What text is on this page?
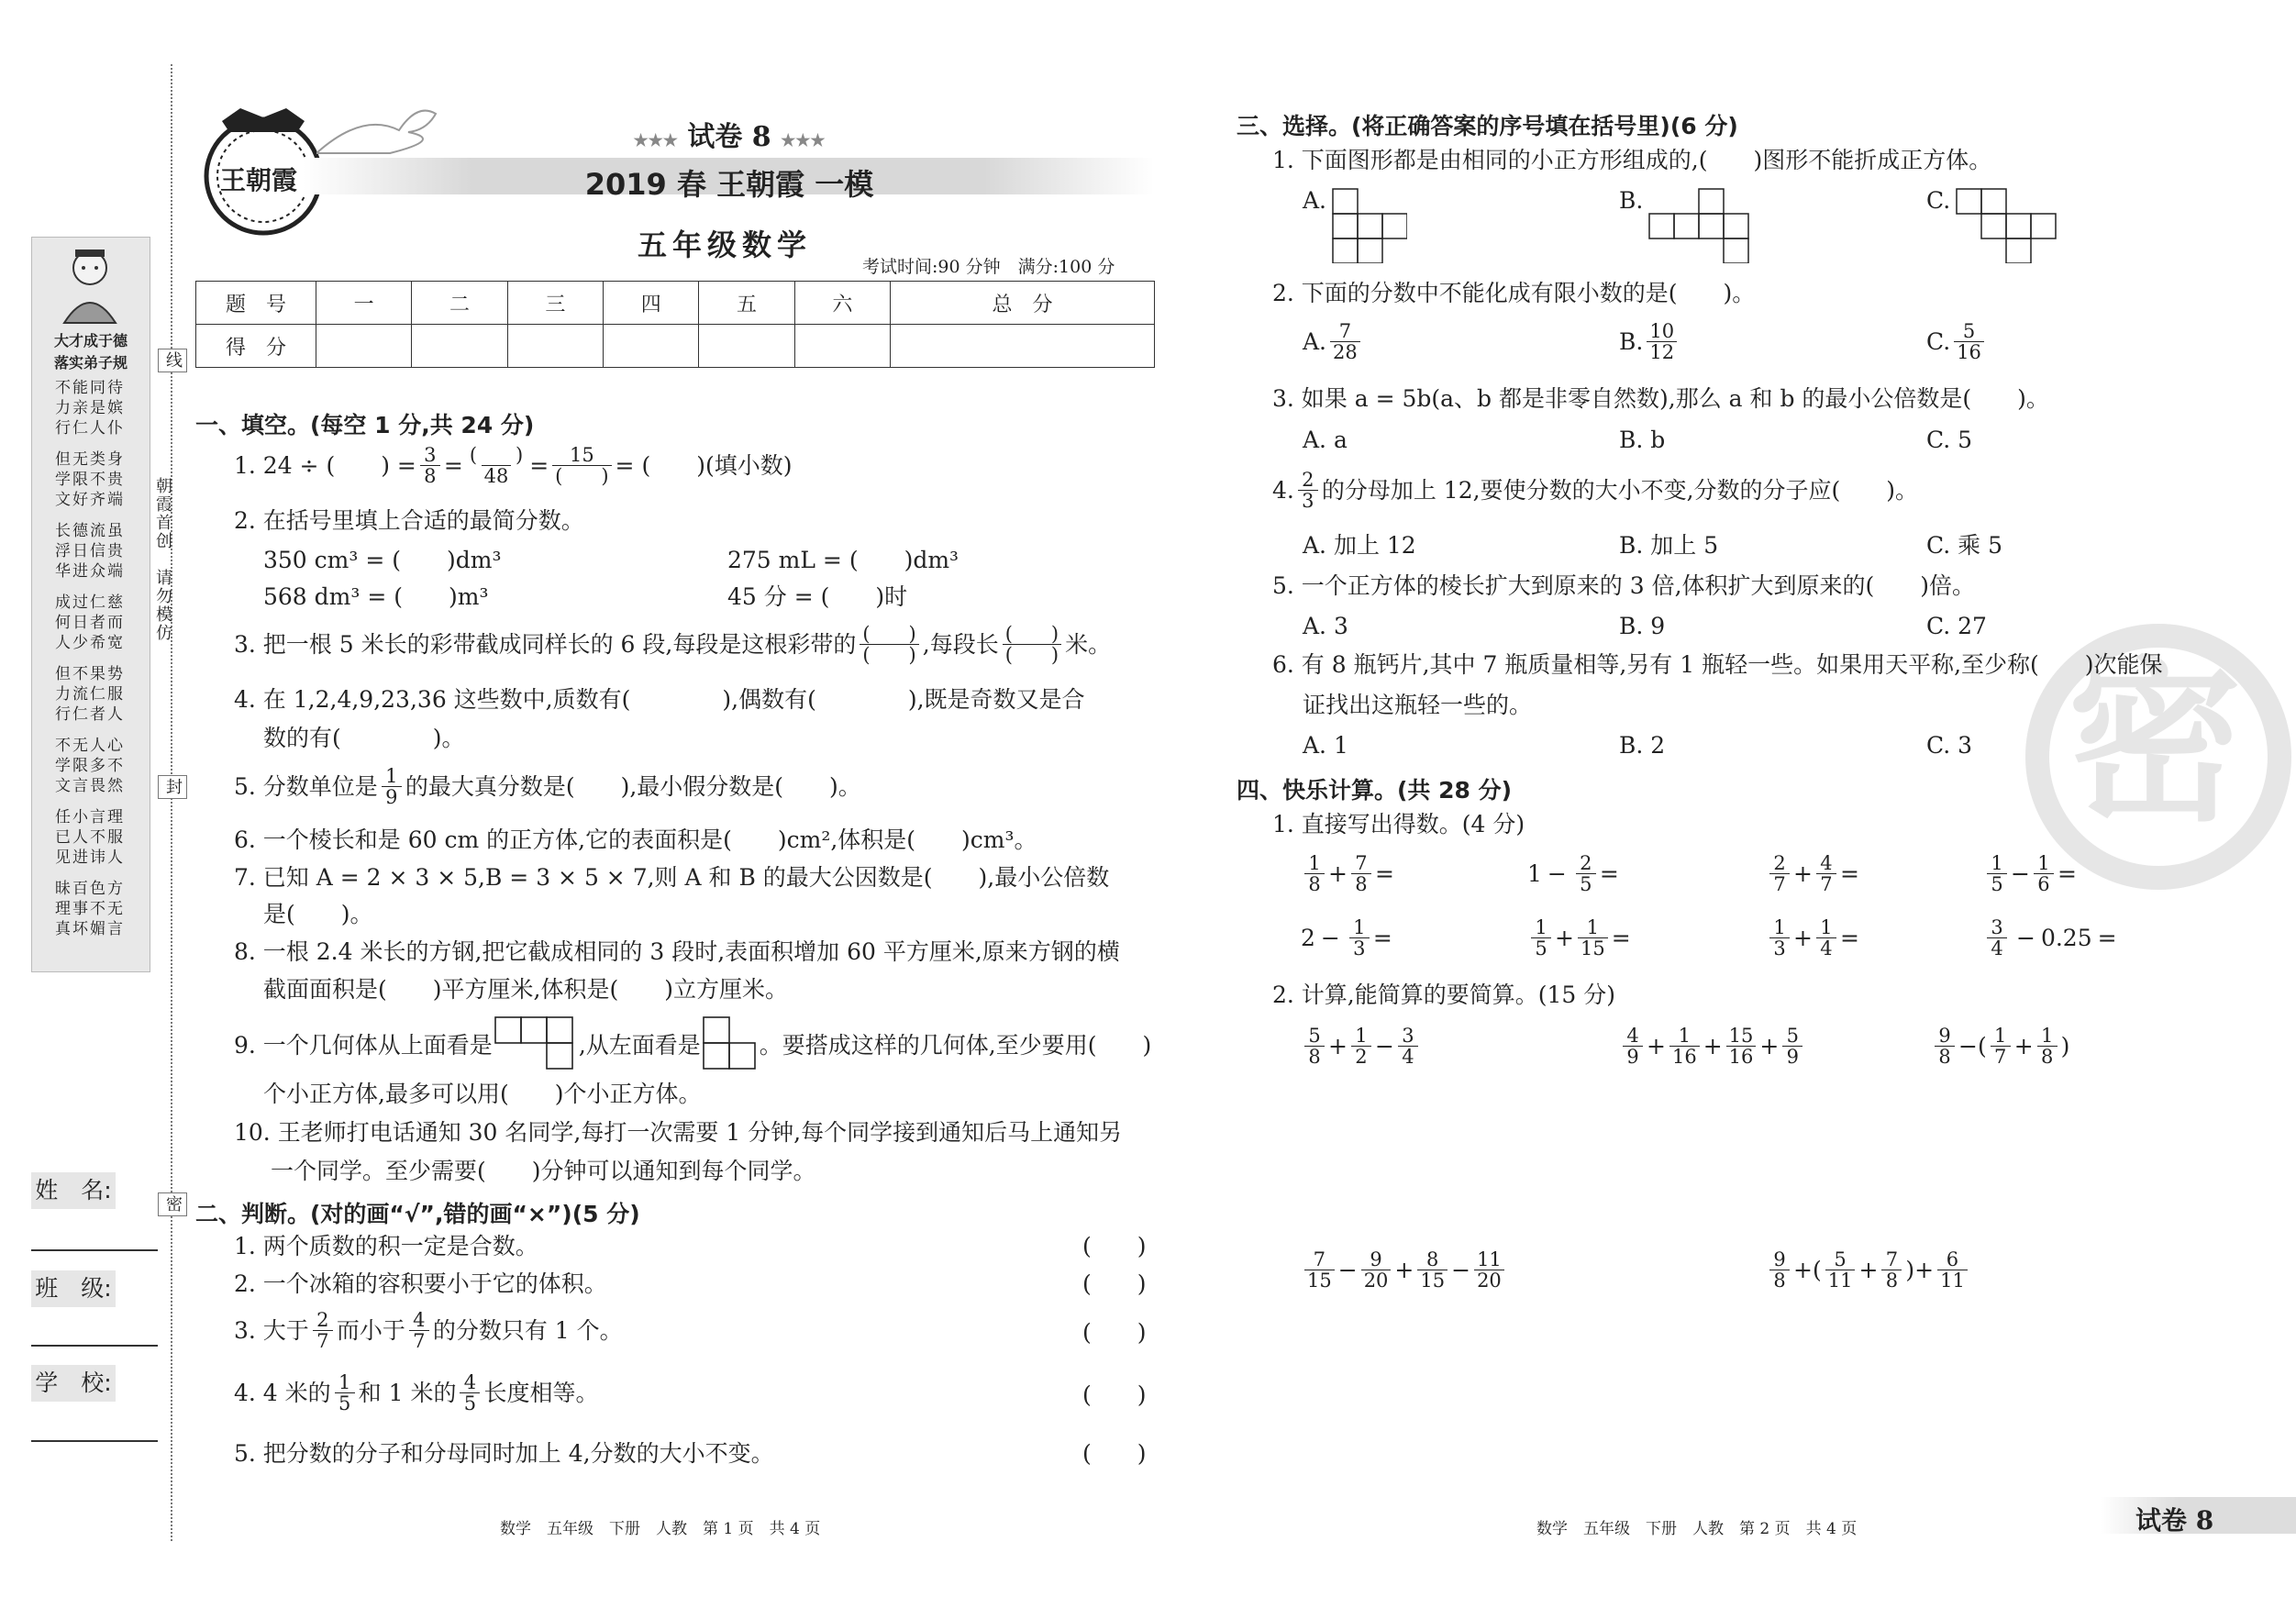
大才成于德
落实弟子规
不能同待
力亲是嫔
行仁人仆
但无类身
学限不贵
文好齐端
长德流虽
浮日信贵
华进众端
成过仁慈
何日者而
人少希宽
但不果势
力流仁服
行仁者人
不无人心
学限多不
文言畏然
任小言理
已人不服
见进讳人
昧百色方
理事不无
真坏媚言
线
朝霞首创
请勿模仿
封
密
姓　名:
班　级:
学　校:
王朝霞
★★★ 试卷 8 ★★★
2019 春 王朝霞 一模
五年级数学
考试时间:90 分钟　满分:100 分
题　号	一	二	三	四	五	六	总　分
得　分							
一、填空。(每空 1 分,共 24 分)
1. 24 ÷ (　　) = $\frac{3}{8} = \frac{( )}{48} = \frac{15}{( )}$ = (　　)(填小数)
2. 在括号里填上合适的最简分数。
350 cm³ = (　　)dm³	275 mL = (　　)dm³
568 dm³ = (　　)m³	45 分 = (　　)时
3. 把一根 5 米长的彩带截成同样长的 6 段,每段是这根彩带的 $\frac{( )}{( )}$ ,每段长 $\frac{( )}{( )}$ 米。
4. 在 1,2,4,9,23,36 这些数中,质数有(　　　　),偶数有(　　　　),既是奇数又是合
数的有(　　　　)。
5. 分数单位是 $\frac{1}{9}$ 的最大真分数是(　　),最小假分数是(　　)。
6. 一个棱长和是 60 cm 的正方体,它的表面积是(　　)cm²,体积是(　　)cm³。
7. 已知 A = 2 × 3 × 5,B = 3 × 5 × 7,则 A 和 B 的最大公因数是(　　),最小公倍数
是(　　)。
8. 一根 2.4 米长的方钢,把它截成相同的 3 段时,表面积增加 60 平方厘米,原来方钢的横
截面面积是(　　)平方厘米,体积是(　　)立方厘米。
9. 一个几何体从上面看是	,从左面看是	。要搭成这样的几何体,至少要用(　　)
个小正方体,最多可以用(　　)个小正方体。
10. 王老师打电话通知 30 名同学,每打一次需要 1 分钟,每个同学接到通知后马上通知另
一个同学。至少需要(　　)分钟可以通知到每个同学。
二、判断。(对的画“√”,错的画“×”)(5 分)
1. 两个质数的积一定是合数。	(　　)
2. 一个冰箱的容积要小于它的体积。	(　　)
3. 大于 $\frac{2}{7}$ 而小于 $\frac{4}{7}$ 的分数只有 1 个。	(　　)
4. 4 米的 $\frac{1}{5}$ 和 1 米的 $\frac{4}{5}$ 长度相等。	(　　)
5. 把分数的分子和分母同时加上 4,分数的大小不变。	(　　)
数学　五年级　下册　人教　第 1 页　共 4 页
密
三、选择。(将正确答案的序号填在括号里)(6 分)
1. 下面图形都是由相同的小正方形组成的,(　　)图形不能折成正方体。
A.	B.	C.
2. 下面的分数中不能化成有限小数的是(　　)。
A. $\frac{7}{28}$	B. $\frac{10}{12}$	C. $\frac{5}{16}$
3. 如果 a = 5b(a、b 都是非零自然数),那么 a 和 b 的最小公倍数是(　　)。
A. a	B. b	C. 5
4. $\frac{2}{3}$ 的分母加上 12,要使分数的大小不变,分数的分子应(　　)。
A. 加上 12	B. 加上 5	C. 乘 5
5. 一个正方体的棱长扩大到原来的 3 倍,体积扩大到原来的(　　)倍。
A. 3	B. 9	C. 27
6. 有 8 瓶钙片,其中 7 瓶质量相等,另有 1 瓶轻一些。如果用天平称,至少称(　　)次能保
证找出这瓶轻一些的。
A. 1	B. 2	C. 3
四、快乐计算。(共 28 分)
1. 直接写出得数。(4 分)
$\frac{1}{8} + \frac{7}{8}$ =	$1 - \frac{2}{5}$ =	$\frac{2}{7} + \frac{4}{7}$ =	$\frac{1}{5} - \frac{1}{6}$ =
$2 - \frac{1}{3}$ =	$\frac{1}{5} + \frac{1}{15}$ =	$\frac{1}{3} + \frac{1}{4}$ =	$\frac{3}{4} - 0.25$ =
2. 计算,能简算的要简算。(15 分)
$\frac{5}{8} + \frac{1}{2} - \frac{3}{4}$	$\frac{4}{9} + \frac{1}{16} + \frac{15}{16} + \frac{5}{9}$	$\frac{9}{8}$ − ( $\frac{1}{7} + \frac{1}{8}$ )
$\frac{7}{15} - \frac{9}{20} + \frac{8}{15} - \frac{11}{20}$	$\frac{9}{8}$ + ( $\frac{5}{11} + \frac{7}{8}$ ) + $\frac{6}{11}$
数学　五年级　下册　人教　第 2 页　共 4 页	试卷 8
